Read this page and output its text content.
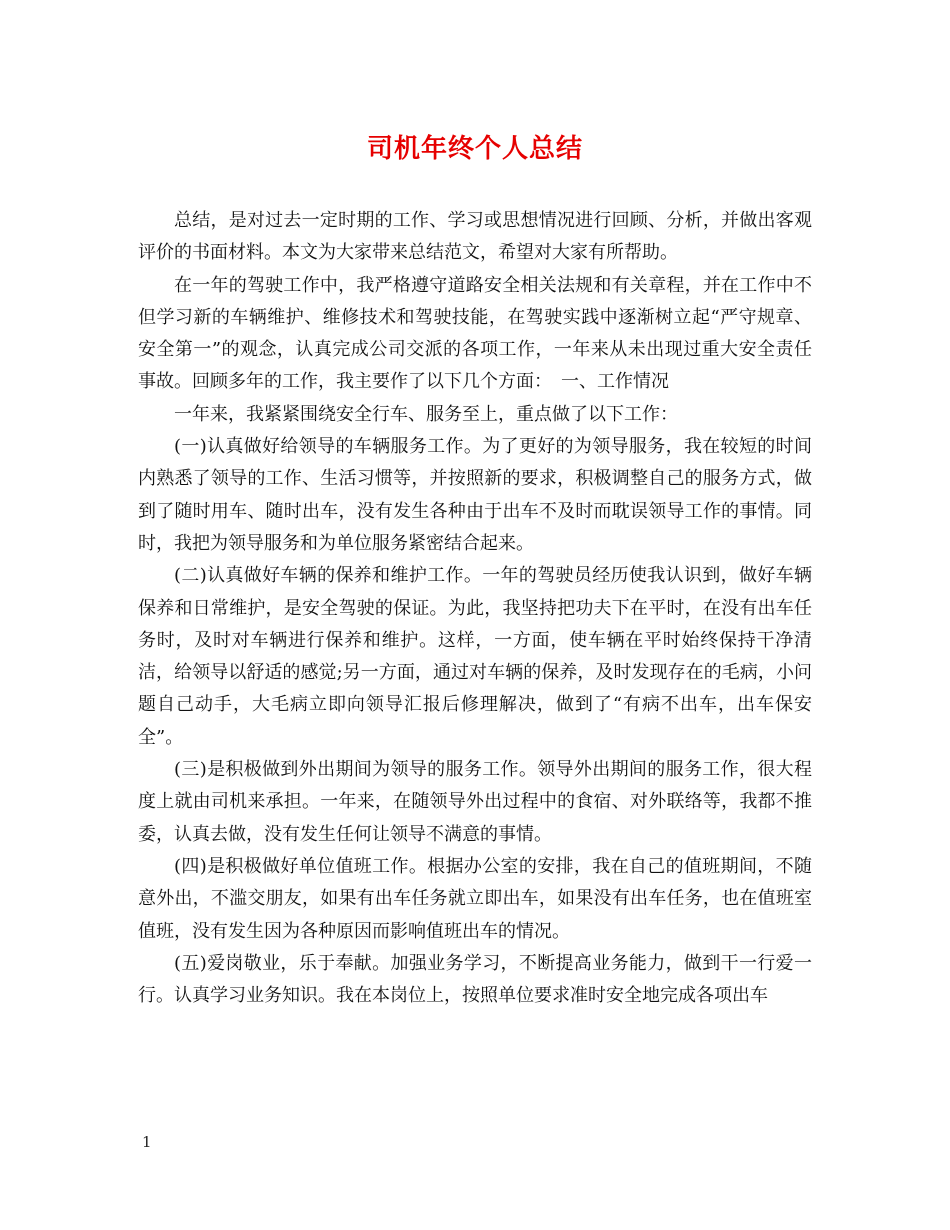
司机年终个人总结

总结，是对过去一定时期的工作、学习或思想情况进行回顾、分析，并做出客观评价的书面材料。本文为大家带来总结范文，希望对大家有所帮助。

在一年的驾驶工作中，我严格遵守道路安全相关法规和有关章程，并在工作中不但学习新的车辆维护、维修技术和驾驶技能，在驾驶实践中逐渐树立起“严守规章、安全第一”的观念，认真完成公司交派的各项工作，一年来从未出现过重大安全责任事故。回顾多年的工作，我主要作了以下几个方面：　一、工作情况

一年来，我紧紧围绕安全行车、服务至上，重点做了以下工作：

(一)认真做好给领导的车辆服务工作。为了更好的为领导服务，我在较短的时间内熟悉了领导的工作、生活习惯等，并按照新的要求，积极调整自己的服务方式，做到了随时用车、随时出车，没有发生各种由于出车不及时而耽误领导工作的事情。同时，我把为领导服务和为单位服务紧密结合起来。

(二)认真做好车辆的保养和维护工作。一年的驾驶员经历使我认识到，做好车辆保养和日常维护，是安全驾驶的保证。为此，我坚持把功夫下在平时，在没有出车任务时，及时对车辆进行保养和维护。这样，一方面，使车辆在平时始终保持干净清洁，给领导以舒适的感觉;另一方面，通过对车辆的保养，及时发现存在的毛病，小问题自己动手，大毛病立即向领导汇报后修理解决，做到了“有病不出车，出车保安全”。

(三)是积极做到外出期间为领导的服务工作。领导外出期间的服务工作，很大程度上就由司机来承担。一年来，在随领导外出过程中的食宿、对外联络等，我都不推委，认真去做，没有发生任何让领导不满意的事情。

(四)是积极做好单位值班工作。根据办公室的安排，我在自己的值班期间，不随意外出，不滥交朋友，如果有出车任务就立即出车，如果没有出车任务，也在值班室值班，没有发生因为各种原因而影响值班出车的情况。

(五)爱岗敬业，乐于奉献。加强业务学习，不断提高业务能力，做到干一行爱一行。认真学习业务知识。我在本岗位上，按照单位要求准时安全地完成各项出车

1
